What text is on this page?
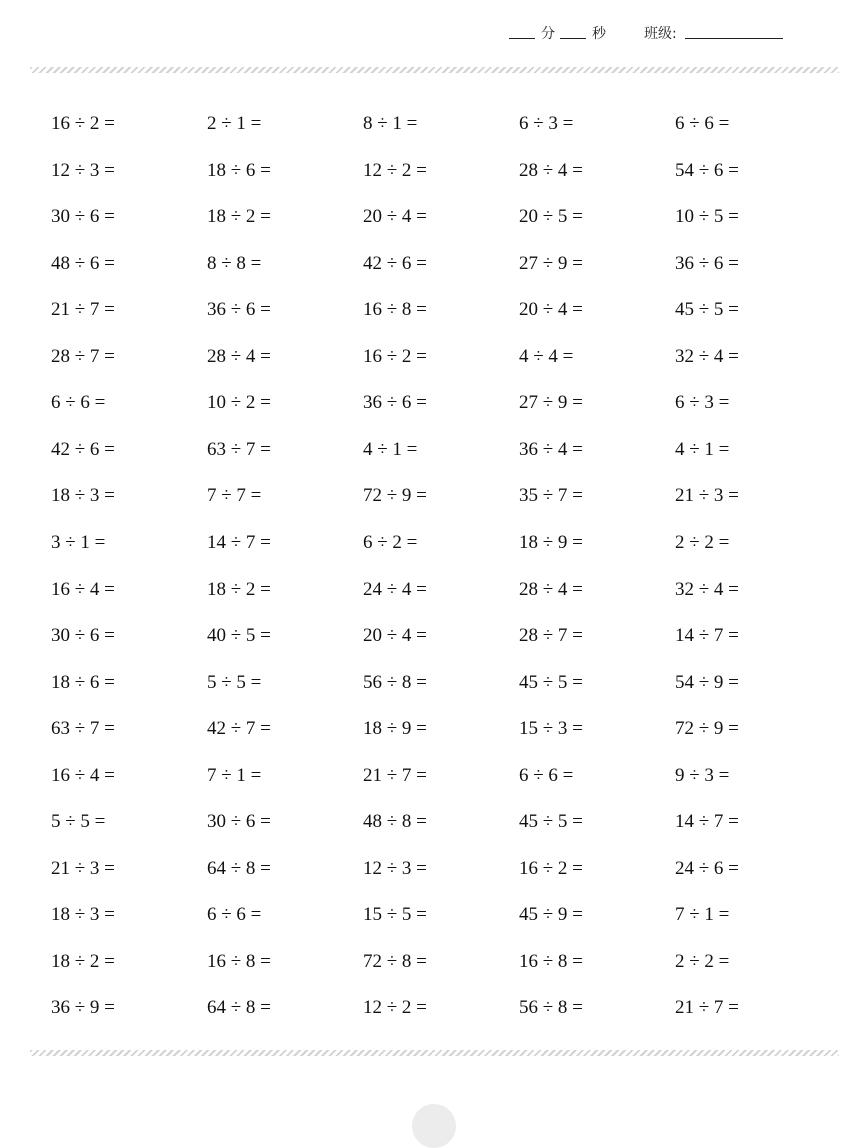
分	秒	班级:
16 ÷ 2 =	2 ÷ 1 =	8 ÷ 1 =	6 ÷ 3 =	6 ÷ 6 =
12 ÷ 3 =	18 ÷ 6 =	12 ÷ 2 =	28 ÷ 4 =	54 ÷ 6 =
30 ÷ 6 =	18 ÷ 2 =	20 ÷ 4 =	20 ÷ 5 =	10 ÷ 5 =
48 ÷ 6 =	8 ÷ 8 =	42 ÷ 6 =	27 ÷ 9 =	36 ÷ 6 =
21 ÷ 7 =	36 ÷ 6 =	16 ÷ 8 =	20 ÷ 4 =	45 ÷ 5 =
28 ÷ 7 =	28 ÷ 4 =	16 ÷ 2 =	4 ÷ 4 =	32 ÷ 4 =
6 ÷ 6 =	10 ÷ 2 =	36 ÷ 6 =	27 ÷ 9 =	6 ÷ 3 =
42 ÷ 6 =	63 ÷ 7 =	4 ÷ 1 =	36 ÷ 4 =	4 ÷ 1 =
18 ÷ 3 =	7 ÷ 7 =	72 ÷ 9 =	35 ÷ 7 =	21 ÷ 3 =
3 ÷ 1 =	14 ÷ 7 =	6 ÷ 2 =	18 ÷ 9 =	2 ÷ 2 =
16 ÷ 4 =	18 ÷ 2 =	24 ÷ 4 =	28 ÷ 4 =	32 ÷ 4 =
30 ÷ 6 =	40 ÷ 5 =	20 ÷ 4 =	28 ÷ 7 =	14 ÷ 7 =
18 ÷ 6 =	5 ÷ 5 =	56 ÷ 8 =	45 ÷ 5 =	54 ÷ 9 =
63 ÷ 7 =	42 ÷ 7 =	18 ÷ 9 =	15 ÷ 3 =	72 ÷ 9 =
16 ÷ 4 =	7 ÷ 1 =	21 ÷ 7 =	6 ÷ 6 =	9 ÷ 3 =
5 ÷ 5 =	30 ÷ 6 =	48 ÷ 8 =	45 ÷ 5 =	14 ÷ 7 =
21 ÷ 3 =	64 ÷ 8 =	12 ÷ 3 =	16 ÷ 2 =	24 ÷ 6 =
18 ÷ 3 =	6 ÷ 6 =	15 ÷ 5 =	45 ÷ 9 =	7 ÷ 1 =
18 ÷ 2 =	16 ÷ 8 =	72 ÷ 8 =	16 ÷ 8 =	2 ÷ 2 =
36 ÷ 9 =	64 ÷ 8 =	12 ÷ 2 =	56 ÷ 8 =	21 ÷ 7 =
